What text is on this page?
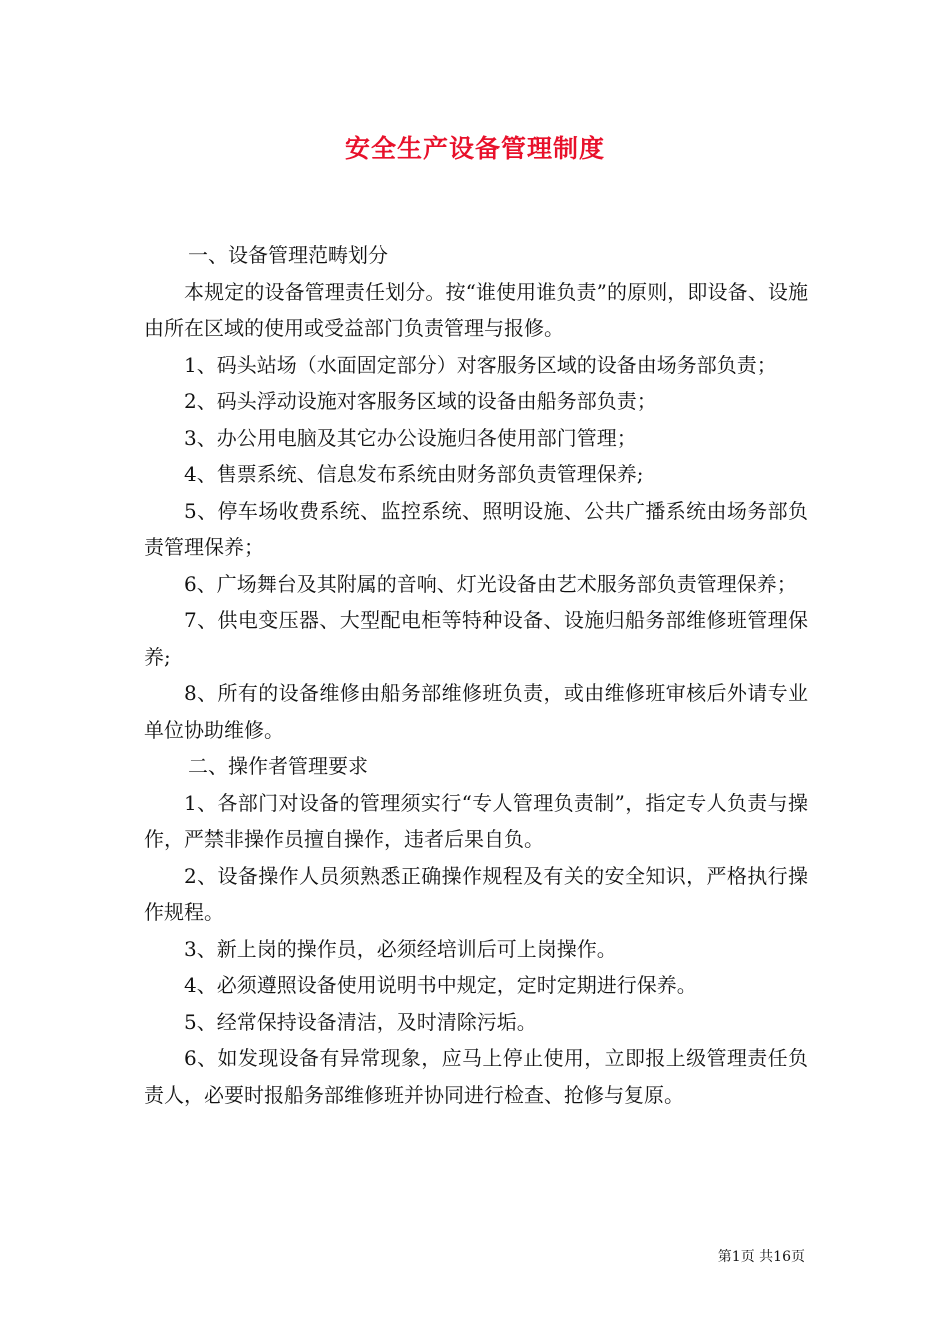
安全生产设备管理制度

一、设备管理范畴划分

本规定的设备管理责任划分。按“谁使用谁负责”的原则，即设备、设施由所在区域的使用或受益部门负责管理与报修。

1、码头站场（水面固定部分）对客服务区域的设备由场务部负责；

2、码头浮动设施对客服务区域的设备由船务部负责；

3、办公用电脑及其它办公设施归各使用部门管理；

4、售票系统、信息发布系统由财务部负责管理保养;

5、停车场收费系统、监控系统、照明设施、公共广播系统由场务部负责管理保养；

6、广场舞台及其附属的音响、灯光设备由艺术服务部负责管理保养；

7、供电变压器、大型配电柜等特种设备、设施归船务部维修班管理保养;

8、所有的设备维修由船务部维修班负责，或由维修班审核后外请专业单位协助维修。

二、操作者管理要求

1、各部门对设备的管理须实行“专人管理负责制”，指定专人负责与操作，严禁非操作员擅自操作，违者后果自负。

2、设备操作人员须熟悉正确操作规程及有关的安全知识，严格执行操作规程。

3、新上岗的操作员，必须经培训后可上岗操作。

4、必须遵照设备使用说明书中规定，定时定期进行保养。

5、经常保持设备清洁，及时清除污垢。

6、如发现设备有异常现象，应马上停止使用，立即报上级管理责任负责人，必要时报船务部维修班并协同进行检查、抢修与复原。

第1页 共16页
